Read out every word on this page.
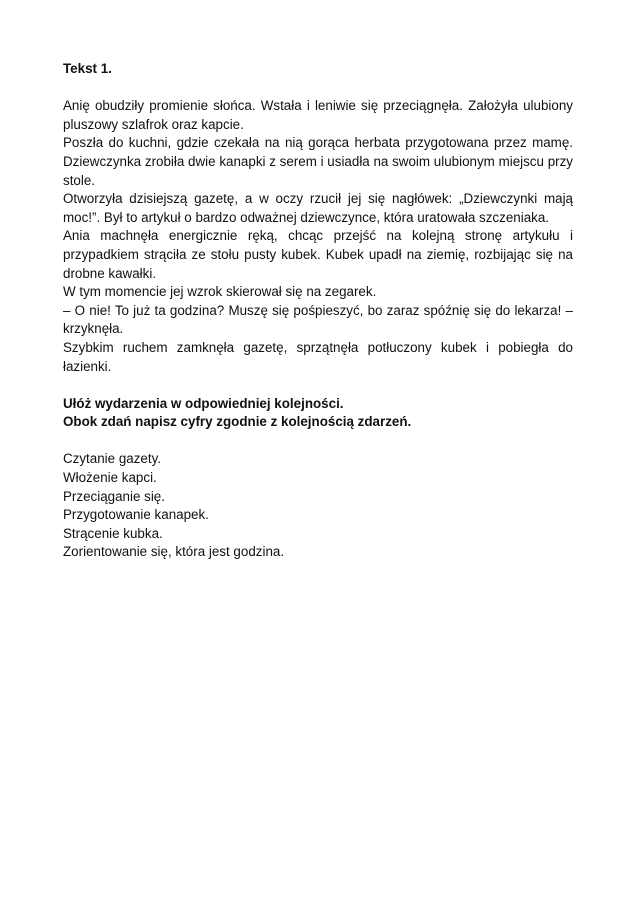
Tekst 1.

Anię obudziły promienie słońca. Wstała i leniwie się przeciągnęła. Założyła ulubiony pluszowy szlafrok oraz kapcie.

Poszła do kuchni, gdzie czekała na nią gorąca herbata przygotowana przez mamę. Dziewczynka zrobiła dwie kanapki z serem i usiadła na swoim ulubionym miejscu przy stole.

Otworzyła dzisiejszą gazetę, a w oczy rzucił jej się nagłówek: „Dziewczynki mają moc!”. Był to artykuł o bardzo odważnej dziewczynce, która uratowała szczeniaka.

Ania machnęła energicznie ręką, chcąc przejść na kolejną stronę artykułu i przypadkiem strąciła ze stołu pusty kubek. Kubek upadł na ziemię, rozbijając się na drobne kawałki.

W tym momencie jej wzrok skierował się na zegarek.

– O nie! To już ta godzina? Muszę się pośpieszyć, bo zaraz spóźnię się do lekarza! – krzyknęła.

Szybkim ruchem zamknęła gazetę, sprzątnęła potłuczony kubek i pobiegła do łazienki.

Ułóż wydarzenia w odpowiedniej kolejności.

Obok zdań napisz cyfry zgodnie z kolejnością zdarzeń.

Czytanie gazety.
Włożenie kapci.
Przeciąganie się.
Przygotowanie kanapek.
Strącenie kubka.
Zorientowanie się, która jest godzina.
